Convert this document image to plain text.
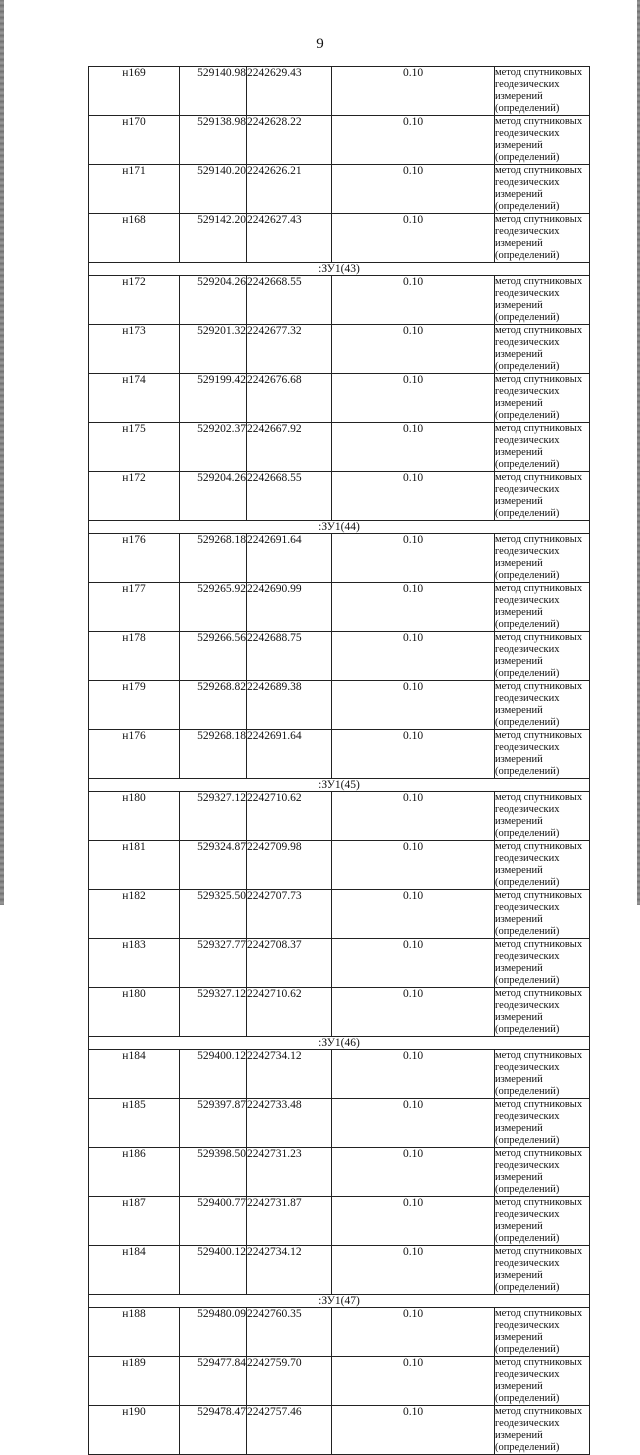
9
н169	529140.98	2242629.43	0.10	метод спутниковых геодезических измерений (определений)
н170	529138.98	2242628.22	0.10	метод спутниковых геодезических измерений (определений)
н171	529140.20	2242626.21	0.10	метод спутниковых геодезических измерений (определений)
н168	529142.20	2242627.43	0.10	метод спутниковых геодезических измерений (определений)
:ЗУ1(43)				
н172	529204.26	2242668.55	0.10	метод спутниковых геодезических измерений (определений)
н173	529201.32	2242677.32	0.10	метод спутниковых геодезических измерений (определений)
н174	529199.42	2242676.68	0.10	метод спутниковых геодезических измерений (определений)
н175	529202.37	2242667.92	0.10	метод спутниковых геодезических измерений (определений)
н172	529204.26	2242668.55	0.10	метод спутниковых геодезических измерений (определений)
:ЗУ1(44)				
н176	529268.18	2242691.64	0.10	метод спутниковых геодезических измерений (определений)
н177	529265.92	2242690.99	0.10	метод спутниковых геодезических измерений (определений)
н178	529266.56	2242688.75	0.10	метод спутниковых геодезических измерений (определений)
н179	529268.82	2242689.38	0.10	метод спутниковых геодезических измерений (определений)
н176	529268.18	2242691.64	0.10	метод спутниковых геодезических измерений (определений)
:ЗУ1(45)				
н180	529327.12	2242710.62	0.10	метод спутниковых геодезических измерений (определений)
н181	529324.87	2242709.98	0.10	метод спутниковых геодезических измерений (определений)
н182	529325.50	2242707.73	0.10	метод спутниковых геодезических измерений (определений)
н183	529327.77	2242708.37	0.10	метод спутниковых геодезических измерений (определений)
н180	529327.12	2242710.62	0.10	метод спутниковых геодезических измерений (определений)
:ЗУ1(46)				
н184	529400.12	2242734.12	0.10	метод спутниковых геодезических измерений (определений)
н185	529397.87	2242733.48	0.10	метод спутниковых геодезических измерений (определений)
н186	529398.50	2242731.23	0.10	метод спутниковых геодезических измерений (определений)
н187	529400.77	2242731.87	0.10	метод спутниковых геодезических измерений (определений)
н184	529400.12	2242734.12	0.10	метод спутниковых геодезических измерений (определений)
:ЗУ1(47)				
н188	529480.09	2242760.35	0.10	метод спутниковых геодезических измерений (определений)
н189	529477.84	2242759.70	0.10	метод спутниковых геодезических измерений (определений)
н190	529478.47	2242757.46	0.10	метод спутниковых геодезических измерений (определений)
